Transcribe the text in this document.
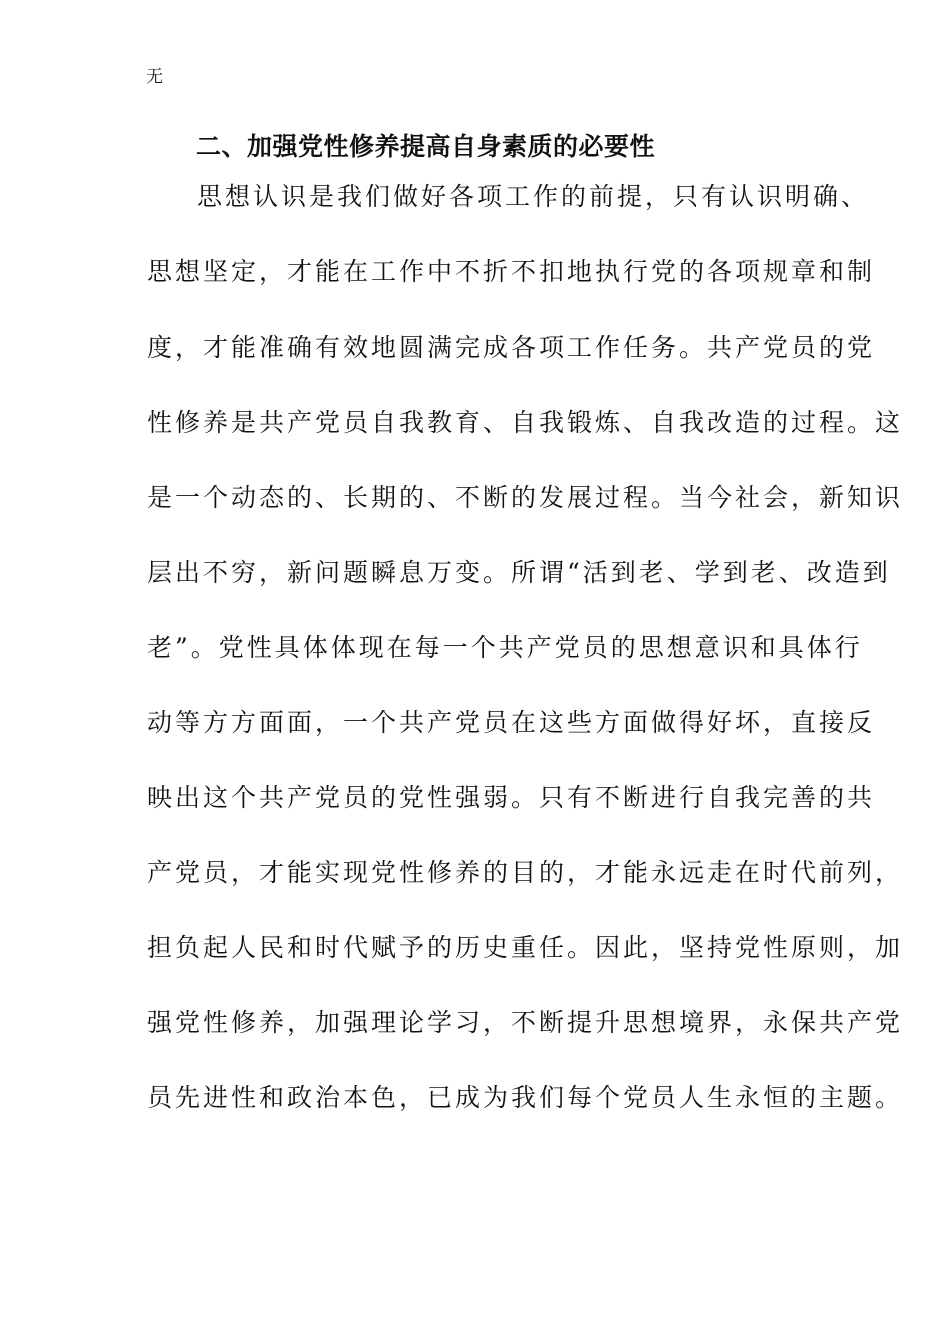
无
二、加强党性修养提高自身素质的必要性
思想认识是我们做好各项工作的前提，只有认识明确、
思想坚定，才能在工作中不折不扣地执行党的各项规章和制
度，才能准确有效地圆满完成各项工作任务。共产党员的党
性修养是共产党员自我教育、自我锻炼、自我改造的过程。这
是一个动态的、长期的、不断的发展过程。当今社会，新知识
层出不穷，新问题瞬息万变。所谓“活到老、学到老、改造到
老”。党性具体体现在每一个共产党员的思想意识和具体行
动等方方面面，一个共产党员在这些方面做得好坏，直接反
映出这个共产党员的党性强弱。只有不断进行自我完善的共
产党员，才能实现党性修养的目的，才能永远走在时代前列，
担负起人民和时代赋予的历史重任。因此，坚持党性原则，加
强党性修养，加强理论学习，不断提升思想境界，永保共产党
员先进性和政治本色，已成为我们每个党员人生永恒的主题。
